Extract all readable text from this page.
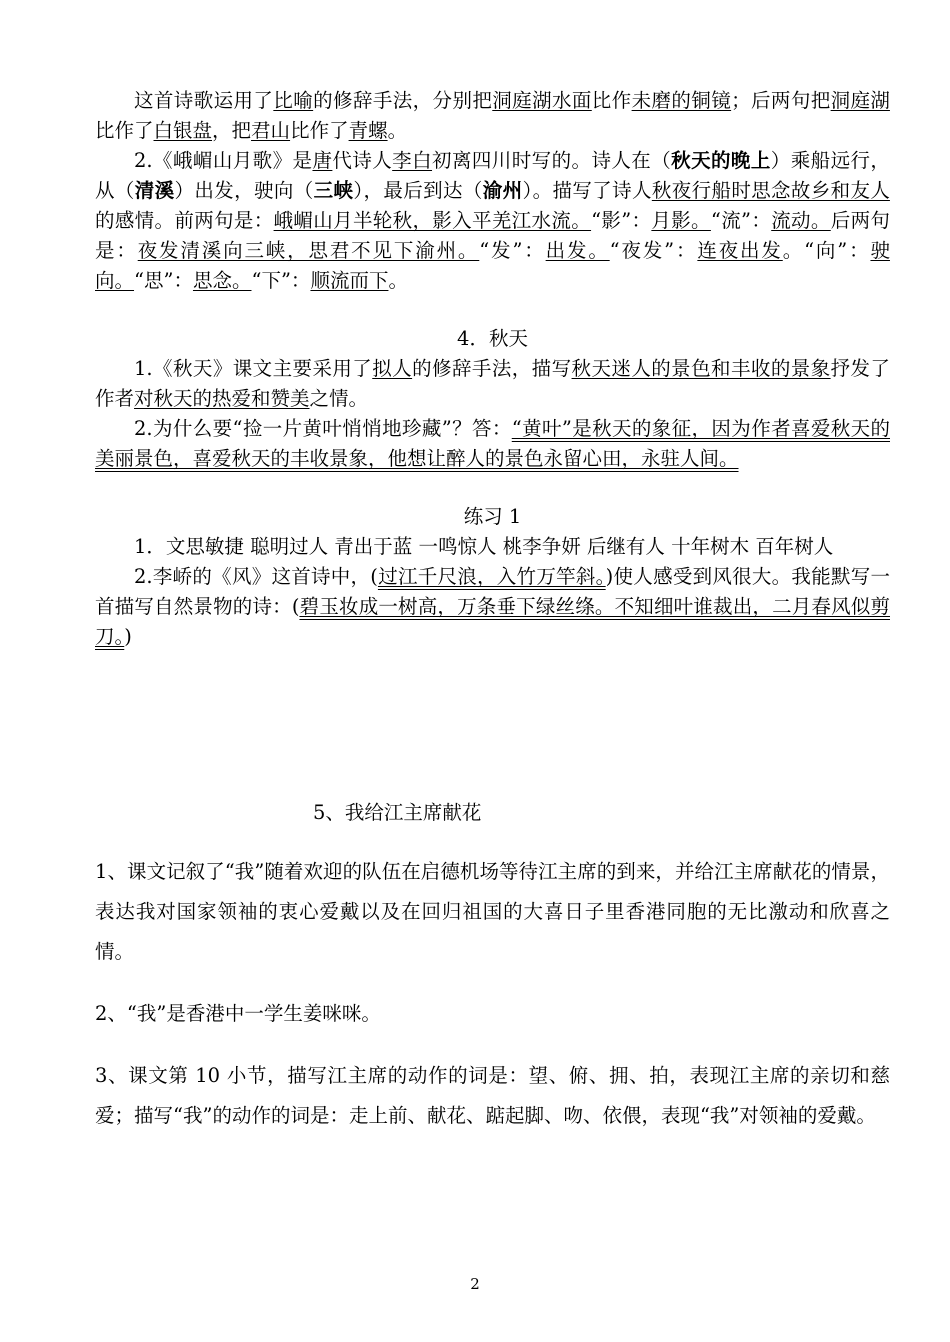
这首诗歌运用了比喻的修辞手法，分别把洞庭湖水面比作未磨的铜镜；后两句把洞庭湖比作了白银盘，把君山比作了青螺。

2.《峨嵋山月歌》是唐代诗人李白初离四川时写的。诗人在（秋天的晚上）乘船远行，从（清溪）出发，驶向（三峡），最后到达（渝州）。描写了诗人秋夜行船时思念故乡和友人的感情。前两句是：峨嵋山月半轮秋，影入平羌江水流。“影”：月影。“流”：流动。后两句是：夜发清溪向三峡，思君不见下渝州。“发”：出发。“夜发”：连夜出发。“向”：驶向。“思”：思念。“下”：顺流而下。

4．秋天

1.《秋天》课文主要采用了拟人的修辞手法，描写秋天迷人的景色和丰收的景象抒发了作者对秋天的热爱和赞美之情。

2.为什么要“捡一片黄叶悄悄地珍藏”？答：“黄叶”是秋天的象征，因为作者喜爱秋天的美丽景色，喜爱秋天的丰收景象，他想让醉人的景色永留心田，永驻人间。

练习 1

1．文思敏捷 聪明过人 青出于蓝 一鸣惊人 桃李争妍 后继有人 十年树木 百年树人

2.李峤的《风》这首诗中，(过江千尺浪，入竹万竿斜。)使人感受到风很大。我能默写一首描写自然景物的诗：(碧玉妆成一树高，万条垂下绿丝绦。不知细叶谁裁出，二月春风似剪刀。)

5、我给江主席献花

1、课文记叙了“我”随着欢迎的队伍在启德机场等待江主席的到来，并给江主席献花的情景，表达我对国家领袖的衷心爱戴以及在回归祖国的大喜日子里香港同胞的无比激动和欣喜之情。

2、“我”是香港中一学生姜咪咪。

3、课文第 10 小节，描写江主席的动作的词是：望、俯、拥、拍，表现江主席的亲切和慈爱；描写“我”的动作的词是：走上前、献花、踮起脚、吻、依偎，表现“我”对领袖的爱戴。

2
